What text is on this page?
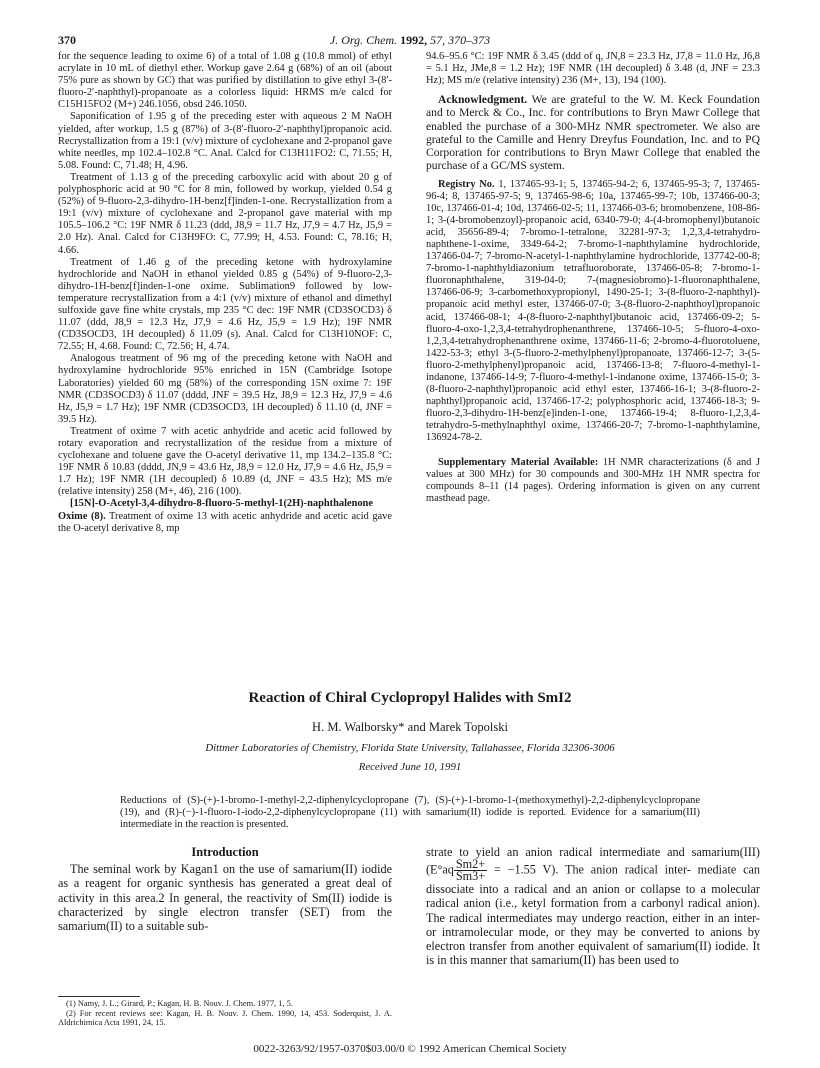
370	J. Org. Chem. 1992, 57, 370–373

for the sequence leading to oxime 6) of a total of 1.08 g (10.8 mmol) of ethyl acrylate in 10 mL of diethyl ether. Workup gave 2.64 g (68%) of an oil (about 75% pure as shown by GC) that was purified by distillation to give ethyl 3-(8′-fluoro-2′-naphthyl)-propanoate as a colorless liquid: HRMS m/e calcd for C15H15FO2 (M+) 246.1056, obsd 246.1050.

Saponification of 1.95 g of the preceding ester with aqueous 2 M NaOH yielded, after workup, 1.5 g (87%) of 3-(8′-fluoro-2′-naphthyl)propanoic acid. Recrystallization from a 19:1 (v/v) mixture of cyclohexane and 2-propanol gave white needles, mp 102.4–102.8 °C. Anal. Calcd for C13H11FO2: C, 71.55; H, 5.08. Found: C, 71.48; H, 4.96.

Treatment of 1.13 g of the preceding carboxylic acid with about 20 g of polyphosphoric acid at 90 °C for 8 min, followed by workup, yielded 0.54 g (52%) of 9-fluoro-2,3-dihydro-1H-benz[f]inden-1-one. Recrystallization from a 19:1 (v/v) mixture of cyclohexane and 2-propanol gave material with mp 105.5–106.2 °C: 19F NMR δ 11.23 (ddd, J8,9 = 11.7 Hz, J7,9 = 4.7 Hz, J5,9 = 2.0 Hz). Anal. Calcd for C13H9FO: C, 77.99; H, 4.53. Found: C, 78.16; H, 4.66.

Treatment of 1.46 g of the preceding ketone with hydroxylamine hydrochloride and NaOH in ethanol yielded 0.85 g (54%) of 9-fluoro-2,3-dihydro-1H-benz[f]inden-1-one oxime. Sublimation9 followed by low-temperature recrystallization from a 4:1 (v/v) mixture of ethanol and dimethyl sulfoxide gave fine white crystals, mp 235 °C dec: 19F NMR (CD3SOCD3) δ 11.07 (ddd, J8,9 = 12.3 Hz, J7,9 = 4.6 Hz, J5,9 = 1.9 Hz); 19F NMR (CD3SOCD3, 1H decoupled) δ 11.09 (s). Anal. Calcd for C13H10NOF: C, 72.55; H, 4.68. Found: C, 72.56; H, 4.74.

Analogous treatment of 96 mg of the preceding ketone with NaOH and hydroxylamine hydrochloride 95% enriched in 15N (Cambridge Isotope Laboratories) yielded 60 mg (58%) of the corresponding 15N oxime 7: 19F NMR (CD3SOCD3) δ 11.07 (dddd, JNF = 39.5 Hz, J8,9 = 12.3 Hz, J7,9 = 4.6 Hz, J5,9 = 1.7 Hz); 19F NMR (CD3SOCD3, 1H decoupled) δ 11.10 (d, JNF = 39.5 Hz).

Treatment of oxime 7 with acetic anhydride and acetic acid followed by rotary evaporation and recrystallization of the residue from a mixture of cyclohexane and toluene gave the O-acetyl derivative 11, mp 134.2–135.8 °C: 19F NMR δ 10.83 (dddd, JN,9 = 43.6 Hz, J8,9 = 12.0 Hz, J7,9 = 4.6 Hz, J5,9 = 1.7 Hz); 19F NMR (1H decoupled) δ 10.89 (d, JNF = 43.5 Hz); MS m/e (relative intensity) 258 (M+, 46), 216 (100).

[15N]-O-Acetyl-3,4-dihydro-8-fluoro-5-methyl-1(2H)-naphthalenone Oxime (8). Treatment of oxime 13 with acetic anhydride and acetic acid gave the O-acetyl derivative 8, mp

94.6–95.6 °C: 19F NMR δ 3.45 (ddd of q, JN,8 = 23.3 Hz, J7,8 = 11.0 Hz, J6,8 = 5.1 Hz, JMe,8 = 1.2 Hz); 19F NMR (1H decoupled) δ 3.48 (d, JNF = 23.3 Hz); MS m/e (relative intensity) 236 (M+, 13), 194 (100).

Acknowledgment. We are grateful to the W. M. Keck Foundation and to Merck & Co., Inc. for contributions to Bryn Mawr College that enabled the purchase of a 300-MHz NMR spectrometer. We also are grateful to the Camille and Henry Dreyfus Foundation, Inc. and to PQ Corporation for contributions to Bryn Mawr College that enabled the purchase of a GC/MS system.

Registry No. 1, 137465-93-1; 5, 137465-94-2; 6, 137465-95-3; 7, 137465-96-4; 8, 137465-97-5; 9, 137465-98-6; 10a, 137465-99-7; 10b, 137466-00-3; 10c, 137466-01-4; 10d, 137466-02-5; 11, 137466-03-6; bromobenzene, 108-86-1; 3-(4-bromobenzoyl)-propanoic acid, 6340-79-0; 4-(4-bromophenyl)butanoic acid, 35656-89-4; 7-bromo-1-tetralone, 32281-97-3; 1,2,3,4-tetrahydro-naphthene-1-oxime, 3349-64-2; 7-bromo-1-naphthylamine hydrochloride, 137466-04-7; 7-bromo-N-acetyl-1-naphthylamine hydrochloride, 137742-00-8; 7-bromo-1-naphthyldiazonium tetrafluoroborate, 137466-05-8; 7-bromo-1-fluoronaphthalene, 319-04-0; 7-(magnesiobromo)-1-fluoronaphthalene, 137466-06-9; 3-carbomethoxypropionyl, 1490-25-1; 3-(8-fluoro-2-naphthyl)-propanoic acid methyl ester, 137466-07-0; 3-(8-fluoro-2-naphthoyl)propanoic acid, 137466-08-1; 4-(8-fluoro-2-naphthyl)butanoic acid, 137466-09-2; 5-fluoro-4-oxo-1,2,3,4-tetrahydrophenanthrene, 137466-10-5; 5-fluoro-4-oxo-1,2,3,4-tetrahydrophenanthrene oxime, 137466-11-6; 2-bromo-4-fluorotoluene, 1422-53-3; ethyl 3-(5-fluoro-2-methylphenyl)propanoate, 137466-12-7; 3-(5-fluoro-2-methylphenyl)propanoic acid, 137466-13-8; 7-fluoro-4-methyl-1-indanone, 137466-14-9; 7-fluoro-4-methyl-1-indanone oxime, 137466-15-0; 3-(8-fluoro-2-naphthyl)propanoic acid ethyl ester, 137466-16-1; 3-(8-fluoro-2-naphthyl)propanoic acid, 137466-17-2; polyphosphoric acid, 137466-18-3; 9-fluoro-2,3-dihydro-1H-benz[e]inden-1-one, 137466-19-4; 8-fluoro-1,2,3,4-tetrahydro-5-methylnaphthyl oxime, 137466-20-7; 7-bromo-1-naphthylamine, 136924-78-2.

Supplementary Material Available: 1H NMR characterizations (δ and J values at 300 MHz) for 30 compounds and 300-MHz 1H NMR spectra for compounds 8–11 (14 pages). Ordering information is given on any current masthead page.

Reaction of Chiral Cyclopropyl Halides with SmI2
H. M. Walborsky* and Marek Topolski
Dittmer Laboratories of Chemistry, Florida State University, Tallahassee, Florida 32306-3006
Received June 10, 1991
Reductions of (S)-(+)-1-bromo-1-methyl-2,2-diphenylcyclopropane (7), (S)-(+)-1-bromo-1-(methoxymethyl)-2,2-diphenylcyclopropane (19), and (R)-(−)-1-fluoro-1-iodo-2,2-diphenylcyclopropane (11) with samarium(II) iodide is reported. Evidence for a samarium(III) intermediate in the reaction is presented.
Introduction
The seminal work by Kagan1 on the use of samarium(II) iodide as a reagent for organic synthesis has generated a great deal of activity in this area.2 In general, the reactivity of Sm(II) iodide is characterized by single electron transfer (SET) from the samarium(II) to a suitable sub-

strate to yield an anion radical intermediate and samarium(III) ($E^\circ aq \frac{Sm2+}{Sm3+} = -1.55$ V). The anion radical inter- mediate can dissociate into a radical and an anion or collapse to a molecular radical anion (i.e., ketyl formation from a carbonyl radical anion). The radical intermediates may undergo reaction, either in an inter- or intramolecular mode, or they may be converted to anions by electron transfer from another equivalent of samarium(II) iodide. It is in this manner that samarium(II) has been used to

(1) Namy, J. L.; Girard, P.; Kagan, H. B. Nouv. J. Chem. 1977, 1, 5.
(2) For recent reviews see: Kagan, H. B. Nouv. J. Chem. 1990, 14, 453. Soderquist, J. A. Aldrichimica Acta 1991, 24, 15.
0022-3263/92/1957-0370$03.00/0 © 1992 American Chemical Society
